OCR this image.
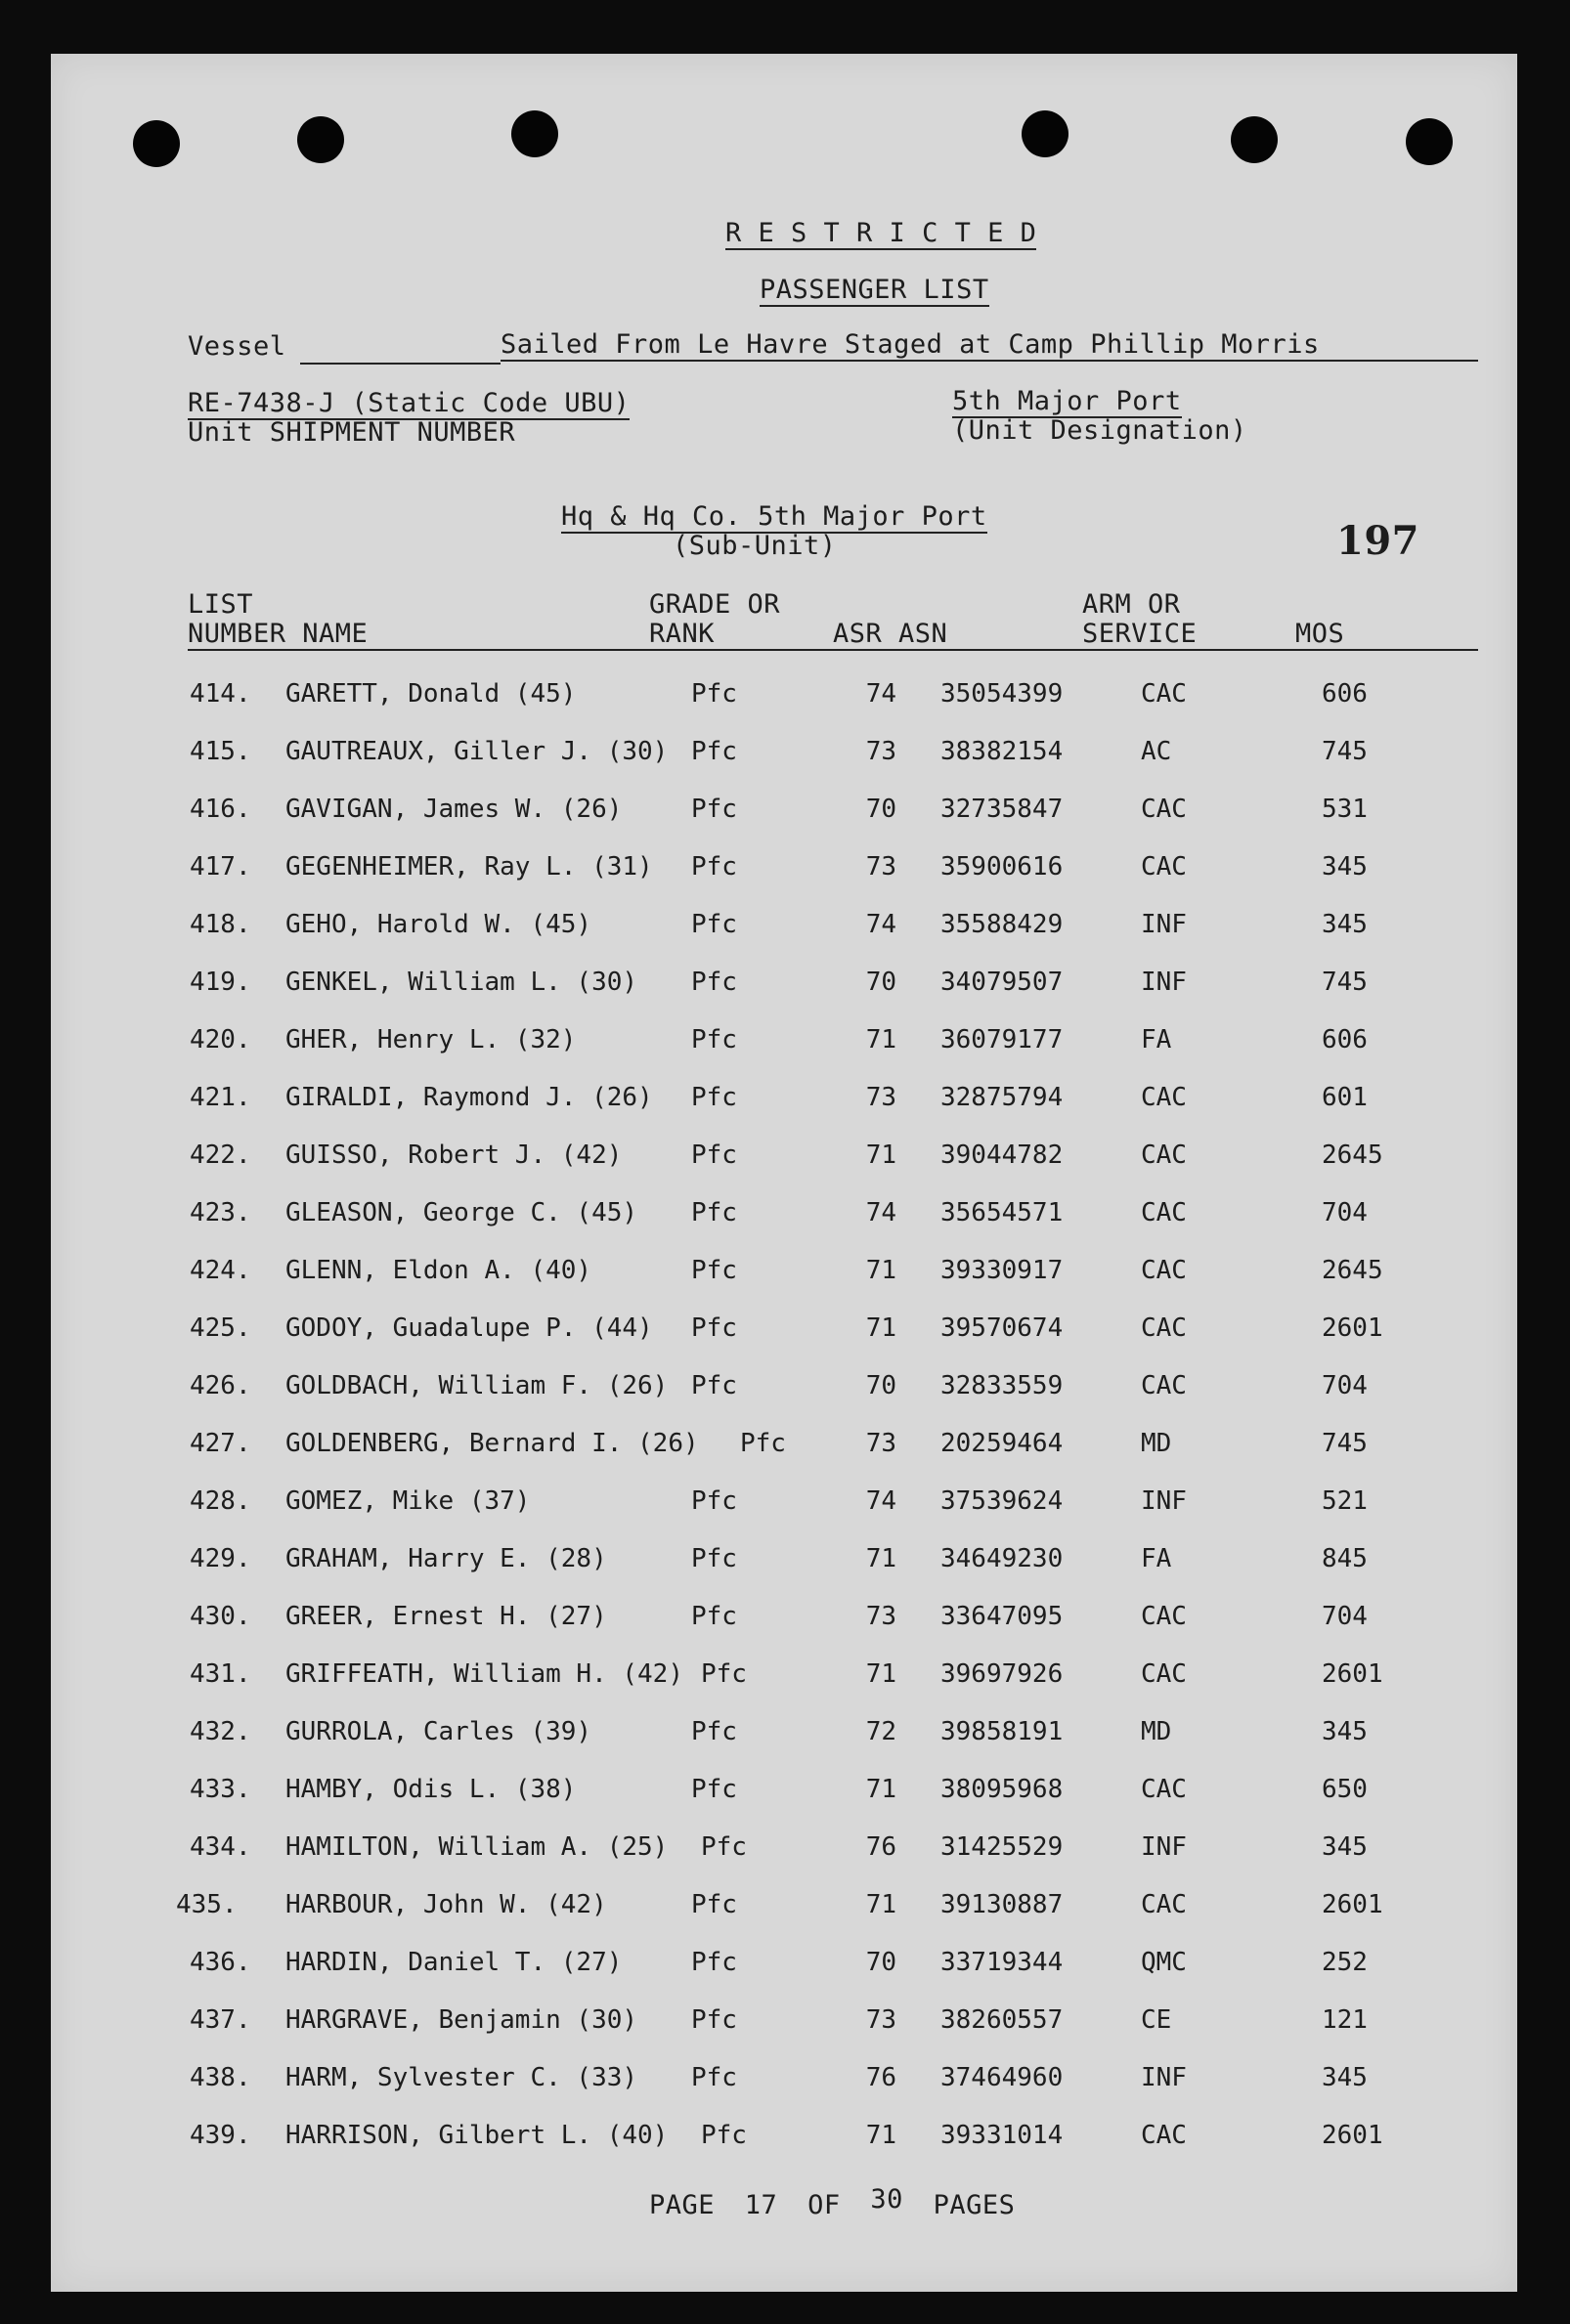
R E S T R I C T E D
PASSENGER LIST
Vessel	Sailed From Le Havre Staged at Camp Phillip Morris
RE-7438-J (Static Code UBU)
Unit SHIPMENT NUMBER
5th Major Port
(Unit Designation)
Hq & Hq Co. 5th Major Port
(Sub-Unit)	197
LIST
NUMBER NAME
GRADE OR
RANK	ASR ASN
ARM OR
SERVICE	MOS
414. GARETT, Donald (45)	Pfc	74 35054399	CAC	606
415. GAUTREAUX, Giller J. (30) Pfc	73 38382154	AC	745
416. GAVIGAN, James W. (26)	Pfc	70 32735847	CAC	531
417. GEGENHEIMER, Ray L. (31) Pfc	73 35900616	CAC	345
418. GEHO, Harold W. (45)	Pfc	74 35588429	INF	345
419. GENKEL, William L. (30) Pfc	70 34079507	INF	745
420. GHER, Henry L. (32)	Pfc	71 36079177	FA	606
421. GIRALDI, Raymond J. (26) Pfc	73 32875794	CAC	601
422. GUISSO, Robert J. (42)	Pfc	71 39044782	CAC	2645
423. GLEASON, George C. (45) Pfc	74 35654571	CAC	704
424. GLENN, Eldon A. (40)	Pfc	71 39330917	CAC	2645
425. GODOY, Guadalupe P. (44) Pfc	71 39570674	CAC	2601
426. GOLDBACH, William F. (26) Pfc	70 32833559	CAC	704
427. GOLDENBERG, Bernard I. (26) Pfc	73 20259464	MD	745
428. GOMEZ, Mike (37)	Pfc	74 37539624	INF	521
429. GRAHAM, Harry E. (28)	Pfc	71 34649230	FA	845
430. GREER, Ernest H. (27)	Pfc	73 33647095	CAC	704
431. GRIFFEATH, William H. (42) Pfc	71 39697926	CAC	2601
432. GURROLA, Carles (39)	Pfc	72 39858191	MD	345
433. HAMBY, Odis L. (38)	Pfc	71 38095968	CAC	650
434. HAMILTON, William A. (25) Pfc	76 31425529	INF	345
435. HARBOUR, John W. (42)	Pfc	71 39130887	CAC	2601
436. HARDIN, Daniel T. (27)	Pfc	70 33719344	QMC	252
437. HARGRAVE, Benjamin (30) Pfc	73 38260557	CE	121
438. HARM, Sylvester C. (33) Pfc	76 37464960	INF	345
439. HARRISON, Gilbert L. (40) Pfc	71 39331014	CAC	2601
PAGE 17 OF 30 PAGES
